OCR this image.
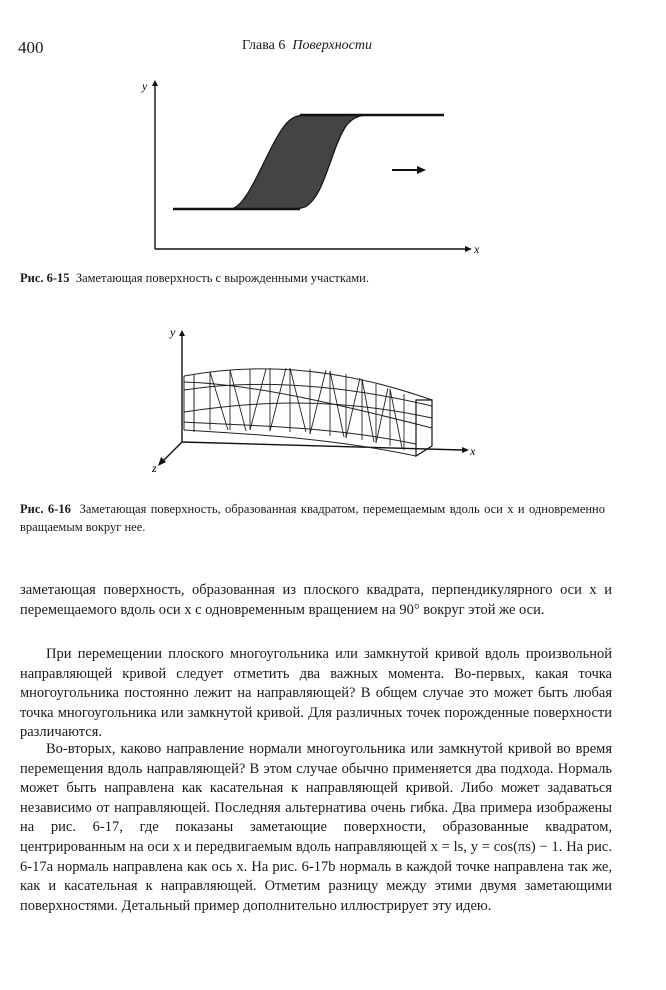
400	Глава 6 Поверхности
y
x
Рис. 6-15 Заметающая поверхность с вырожденными участками.
y
x
z
Рис. 6-16 Заметающая поверхность, образованная квадратом, перемещаемым вдоль оси x и одновременно вращаемым вокруг нее.

заметающая поверхность, образованная из плоского квадрата, перпендикулярного оси x и перемещаемого вдоль оси x с одновременным вращением на 90° вокруг этой же оси.

При перемещении плоского многоугольника или замкнутой кривой вдоль произвольной направляющей кривой следует отметить два важных момента. Во-первых, какая точка многоугольника постоянно лежит на направляющей? В общем случае это может быть любая точка многоугольника или замкнутой кривой. Для различных точек порожденные поверхности различаются.

Во-вторых, каково направление нормали многоугольника или замкнутой кривой во время перемещения вдоль направляющей? В этом случае обычно применяется два подхода. Нормаль может быть направлена как касательная к направляющей кривой. Либо может задаваться независимо от направляющей. Последняя альтернатива очень гибка. Два примера изображены на рис. 6-17, где показаны заметающие поверхности, образованные квадратом, центрированным на оси x и передвигаемым вдоль направляющей x = ls, y = cos(πs) − 1. На рис. 6-17a нормаль направлена как ось x. На рис. 6-17b нормаль в каждой точке направлена так же, как и касательная к направляющей. Отметим разницу между этими двумя заметающими поверхностями. Детальный пример дополнительно иллюстрирует эту идею.
